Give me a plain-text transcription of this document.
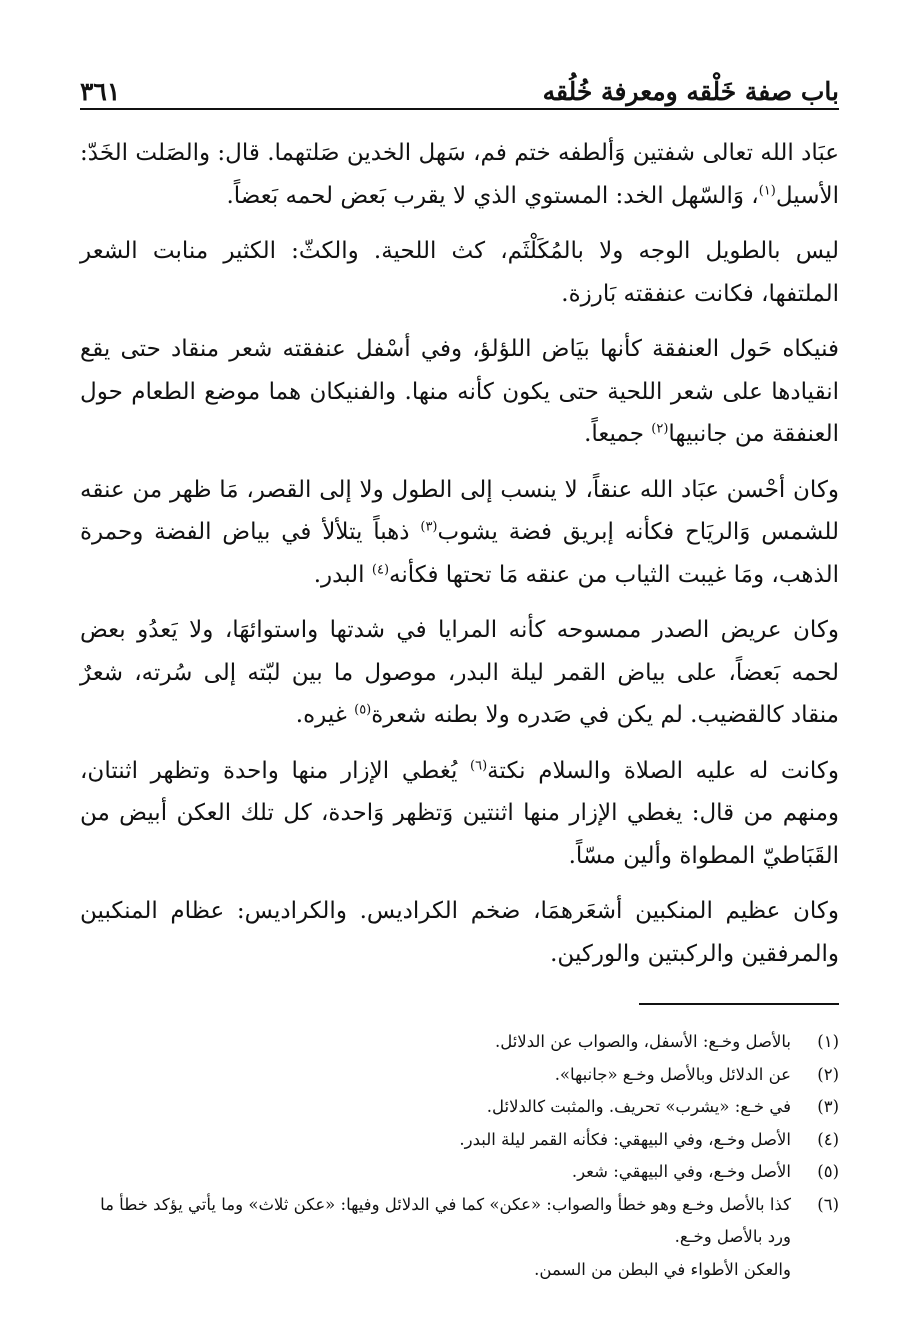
باب صفة خَلْقه ومعرفة خُلُقه
٣٦١

عبَاد الله تعالى شفتين وَألطفه ختم فم، سَهل الخدين صَلتهما. قال: والصَلت الخَدّ: الأسيل$^{(١)}$، وَالسّهل الخد: المستوي الذي لا يقرب بَعض لحمه بَعضاً.

ليس بالطويل الوجه ولا بالمُكَلْثَم، كث اللحية. والكثّ: الكثير منابت الشعر الملتفها، فكانت عنفقته بَارزة.

فنيكاه حَول العنفقة كأنها بيَاض اللؤلؤ، وفي أسْفل عنفقته شعر منقاد حتى يقع انقيادها على شعر اللحية حتى يكون كأنه منها. والفنيكان هما موضع الطعام حول العنفقة من جانبيها$^{(٢)}$ جميعاً.

وكان أحْسن عبَاد الله عنقاً، لا ينسب إلى الطول ولا إلى القصر، مَا ظهر من عنقه للشمس وَالريَاح فكأنه إبريق فضة يشوب$^{(٣)}$ ذهباً يتلألأ في بياض الفضة وحمرة الذهب، ومَا غيبت الثياب من عنقه مَا تحتها فكأنه$^{(٤)}$ البدر.

وكان عريض الصدر ممسوحه كأنه المرايا في شدتها واستوائهَا، ولا يَعدُو بعض لحمه بَعضاً، على بياض القمر ليلة البدر، موصول ما بين لبّته إلى سُرته، شعرٌ منقاد كالقضيب. لم يكن في صَدره ولا بطنه شعرة$^{(٥)}$ غيره.

وكانت له عليه الصلاة والسلام نكتة$^{(٦)}$ يُغطي الإزار منها واحدة وتظهر اثنتان، ومنهم من قال: يغطي الإزار منها اثنتين وَتظهر وَاحدة، كل تلك العكن أبيض من القَبَاطيّ المطواة وألين مسّاً.

وكان عظيم المنكبين أشعَرهمَا، ضخم الكراديس. والكراديس: عظام المنكبين والمرفقين والركبتين والوركين.

(١)
بالأصل وخـع: الأسفل، والصواب عن الدلائل.
(٢)
عن الدلائل وبالأصل وخـع «جانبها».
(٣)
في خـع: «يشرب» تحريف. والمثبت كالدلائل.
(٤)
الأصل وخـع، وفي البيهقي: فكأنه القمر ليلة البدر.
(٥)
الأصل وخـع، وفي البيهقي: شعر.
(٦)
كذا بالأصل وخـع وهو خطأ والصواب: «عكن» كما في الدلائل وفيها: «عكن ثلاث» وما يأتي يؤكد خطأ ما ورد بالأصل وخـع.
والعكن الأطواء في البطن من السمن.
